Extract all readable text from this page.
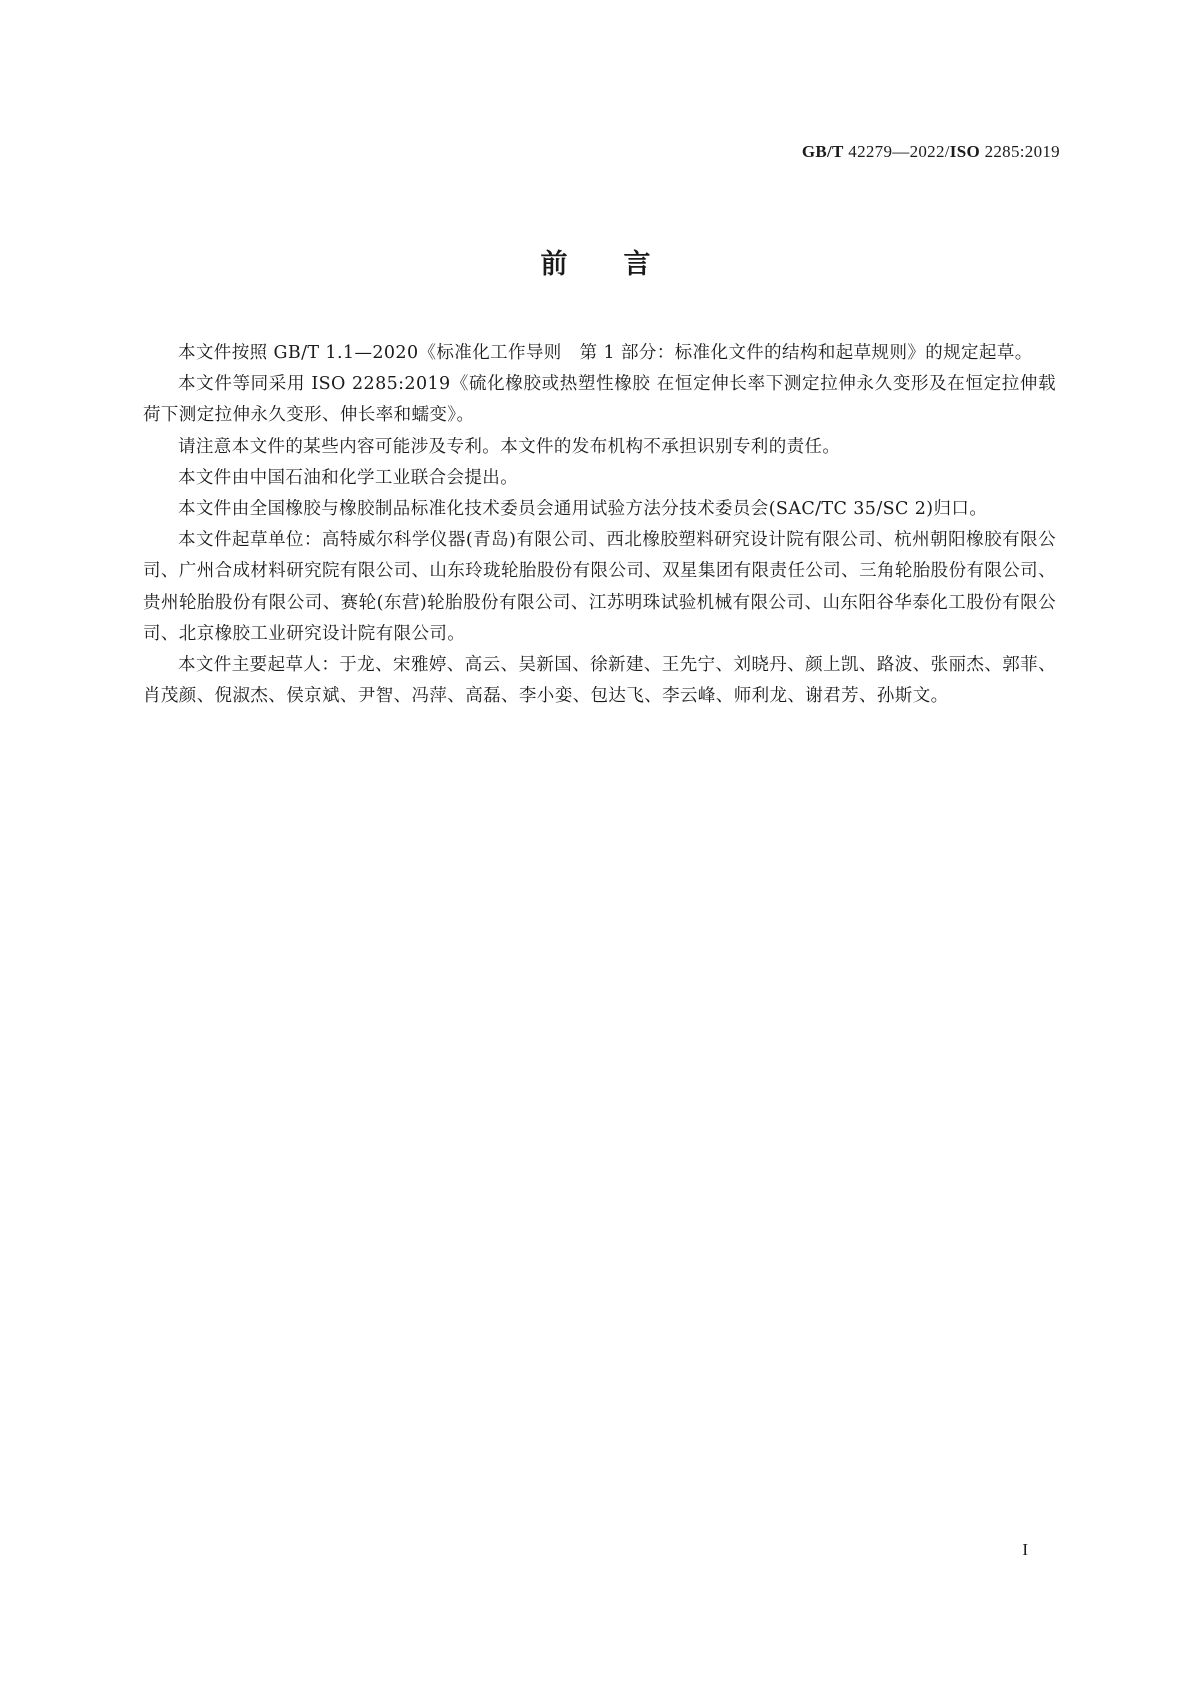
GB/T 42279—2022/ISO 2285:2019
前 言

本文件按照 GB/T 1.1—2020《标准化工作导则　第 1 部分：标准化文件的结构和起草规则》的规定起草。

本文件等同采用 ISO 2285:2019《硫化橡胶或热塑性橡胶 在恒定伸长率下测定拉伸永久变形及在恒定拉伸载荷下测定拉伸永久变形、伸长率和蠕变》。

请注意本文件的某些内容可能涉及专利。本文件的发布机构不承担识别专利的责任。

本文件由中国石油和化学工业联合会提出。

本文件由全国橡胶与橡胶制品标准化技术委员会通用试验方法分技术委员会(SAC/TC 35/SC 2)归口。

本文件起草单位：高特威尔科学仪器(青岛)有限公司、西北橡胶塑料研究设计院有限公司、杭州朝阳橡胶有限公司、广州合成材料研究院有限公司、山东玲珑轮胎股份有限公司、双星集团有限责任公司、三角轮胎股份有限公司、贵州轮胎股份有限公司、赛轮(东营)轮胎股份有限公司、江苏明珠试验机械有限公司、山东阳谷华泰化工股份有限公司、北京橡胶工业研究设计院有限公司。

本文件主要起草人：于龙、宋雅婷、高云、吴新国、徐新建、王先宁、刘晓丹、颜上凯、路波、张丽杰、郭菲、肖茂颜、倪淑杰、侯京斌、尹智、冯萍、高磊、李小娈、包达飞、李云峰、师利龙、谢君芳、孙斯文。

I
